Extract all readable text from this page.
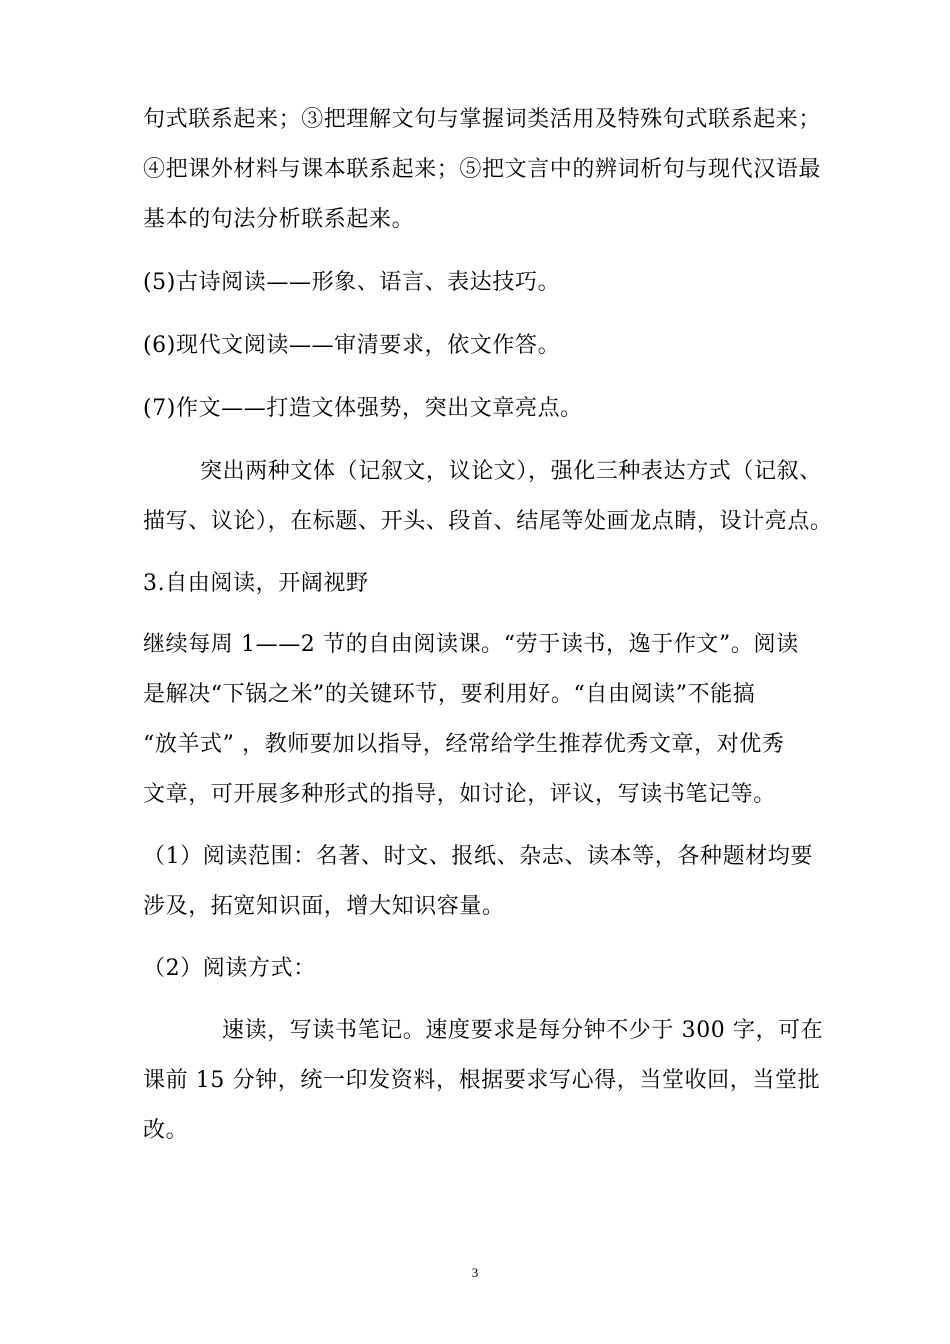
句式联系起来；③把理解文句与掌握词类活用及特殊句式联系起来；
④把课外材料与课本联系起来；⑤把文言中的辨词析句与现代汉语最
基本的句法分析联系起来。
(5)古诗阅读——形象、语言、表达技巧。
(6)现代文阅读——审清要求，依文作答。
(7)作文——打造文体强势，突出文章亮点。
突出两种文体（记叙文，议论文），强化三种表达方式（记叙、
描写、议论），在标题、开头、段首、结尾等处画龙点睛，设计亮点。
3.自由阅读，开阔视野
继续每周 1——2 节的自由阅读课。“劳于读书，逸于作文”。阅读
是解决“下锅之米”的关键环节，要利用好。“自由阅读”不能搞
“放羊式” ，教师要加以指导，经常给学生推荐优秀文章，对优秀
文章，可开展多种形式的指导，如讨论，评议，写读书笔记等。
（1）阅读范围：名著、时文、报纸、杂志、读本等，各种题材均要
涉及，拓宽知识面，增大知识容量。
（2）阅读方式：
速读，写读书笔记。速度要求是每分钟不少于 300 字，可在
课前 15 分钟，统一印发资料，根据要求写心得，当堂收回，当堂批
改。
3
